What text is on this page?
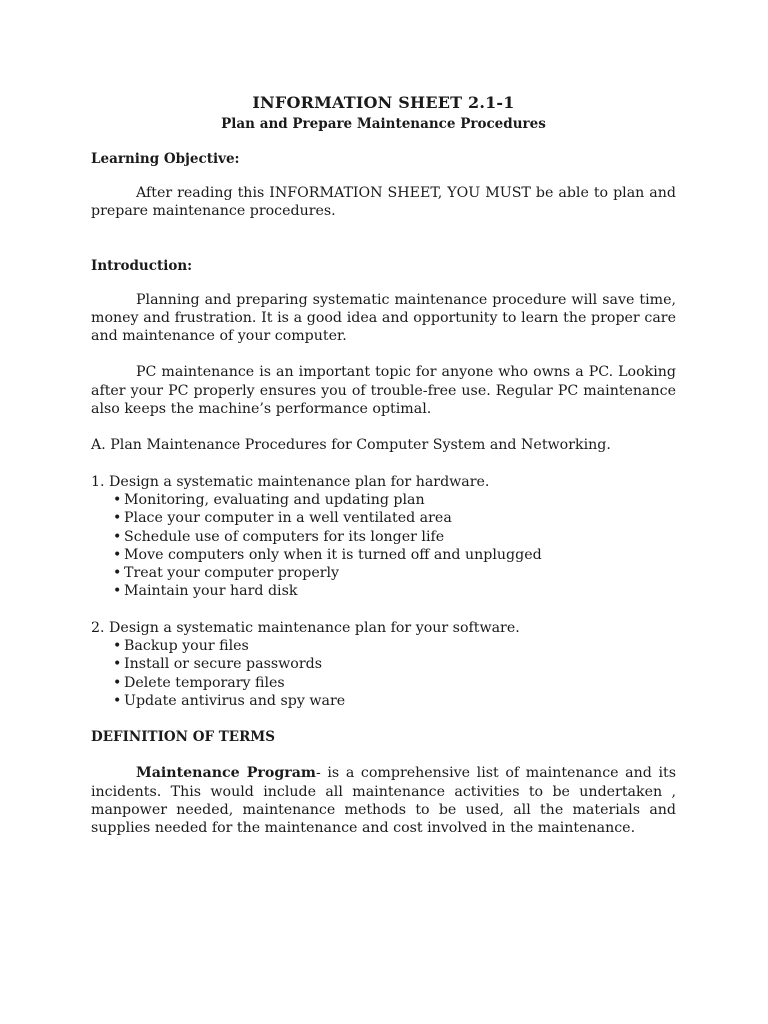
INFORMATION SHEET 2.1-1

Plan and Prepare Maintenance Procedures

Learning Objective:

After reading this INFORMATION SHEET, YOU MUST be able to plan and prepare maintenance procedures.

Introduction:

Planning and preparing systematic maintenance procedure will save time, money and frustration. It is a good idea and opportunity to learn the proper care and maintenance of your computer.

PC maintenance is an important topic for anyone who owns a PC. Looking after your PC properly ensures you of trouble-free use. Regular PC maintenance also keeps the machine’s performance optimal.

A. Plan Maintenance Procedures for Computer System and Networking.

1. Design a systematic maintenance plan for hardware.

• Monitoring, evaluating and updating plan
• Place your computer in a well ventilated area
• Schedule use of computers for its longer life
• Move computers only when it is turned off and unplugged
• Treat your computer properly
• Maintain your hard disk

2. Design a systematic maintenance plan for your software.

• Backup your files
• Install or secure passwords
• Delete temporary files
• Update antivirus and spy ware

DEFINITION OF TERMS

Maintenance Program- is a comprehensive list of maintenance and its incidents. This would include all maintenance activities to be undertaken , manpower needed, maintenance methods to be used, all the materials and supplies needed for the maintenance and cost involved in the maintenance.
